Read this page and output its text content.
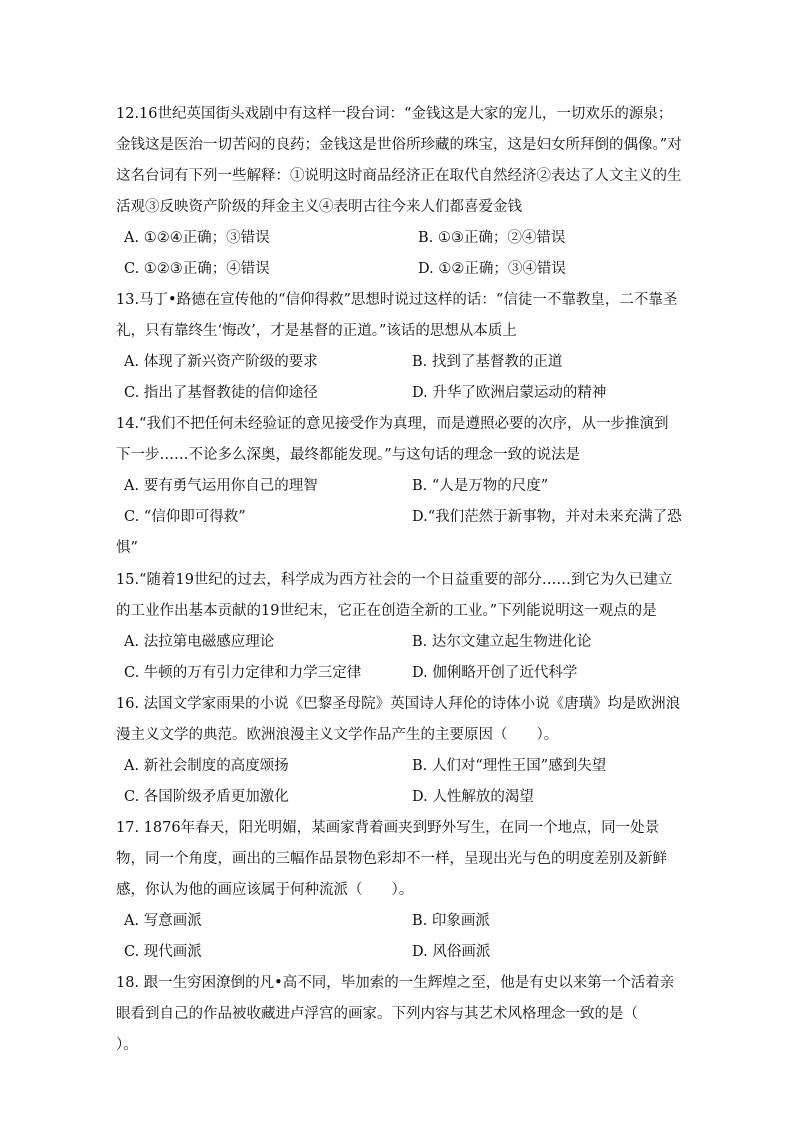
12.16世纪英国街头戏剧中有这样一段台词：“金钱这是大家的宠儿，一切欢乐的源泉；金钱这是医治一切苦闷的良药；金钱这是世俗所珍藏的珠宝，这是妇女所拜倒的偶像。”对这名台词有下列一些解释：①说明这时商品经济正在取代自然经济②表达了人文主义的生活观③反映资产阶级的拜金主义④表明古往今来人们都喜爱金钱
A. ①②④正确；③错误	B. ①③正确；②④错误
C. ①②③正确；④错误	D. ①②正确；③④错误
13.马丁•路德在宣传他的“信仰得救”思想时说过这样的话：“信徒一不靠教皇，二不靠圣礼，只有靠终生‘悔改’，才是基督的正道。”该话的思想从本质上
A. 体现了新兴资产阶级的要求	B. 找到了基督教的正道
C. 指出了基督教徒的信仰途径	D. 升华了欧洲启蒙运动的精神
14.“我们不把任何未经验证的意见接受作为真理，而是遵照必要的次序，从一步推演到下一步……不论多么深奥，最终都能发现。”与这句话的理念一致的说法是
A. 要有勇气运用你自己的理智	B. “人是万物的尺度”
C. “信仰即可得救”	D.“我们茫然于新事物，并对未来充满了恐
惧”
15.“随着19世纪的过去，科学成为西方社会的一个日益重要的部分……到它为久已建立的工业作出基本贡献的19世纪末，它正在创造全新的工业。”下列能说明这一观点的是
A. 法拉第电磁感应理论	B. 达尔文建立起生物进化论
C. 牛顿的万有引力定律和力学三定律	D. 伽俐略开创了近代科学
16. 法国文学家雨果的小说《巴黎圣母院》英国诗人拜伦的诗体小说《唐璜》均是欧洲浪漫主义文学的典范。欧洲浪漫主义文学作品产生的主要原因（　　）。
A. 新社会制度的高度颂扬	B. 人们对“理性王国”感到失望
C. 各国阶级矛盾更加激化	D. 人性解放的渴望
17. 1876年春天，阳光明媚，某画家背着画夹到野外写生，在同一个地点，同一处景物，同一个角度，画出的三幅作品景物色彩却不一样，呈现出光与色的明度差别及新鲜感，你认为他的画应该属于何种流派（　　）。
A. 写意画派	B. 印象画派
C. 现代画派	D. 风俗画派
18. 跟一生穷困潦倒的凡•高不同，毕加索的一生辉煌之至，他是有史以来第一个活着亲眼看到自己的作品被收藏进卢浮宫的画家。下列内容与其艺术风格理念一致的是（　　）。
